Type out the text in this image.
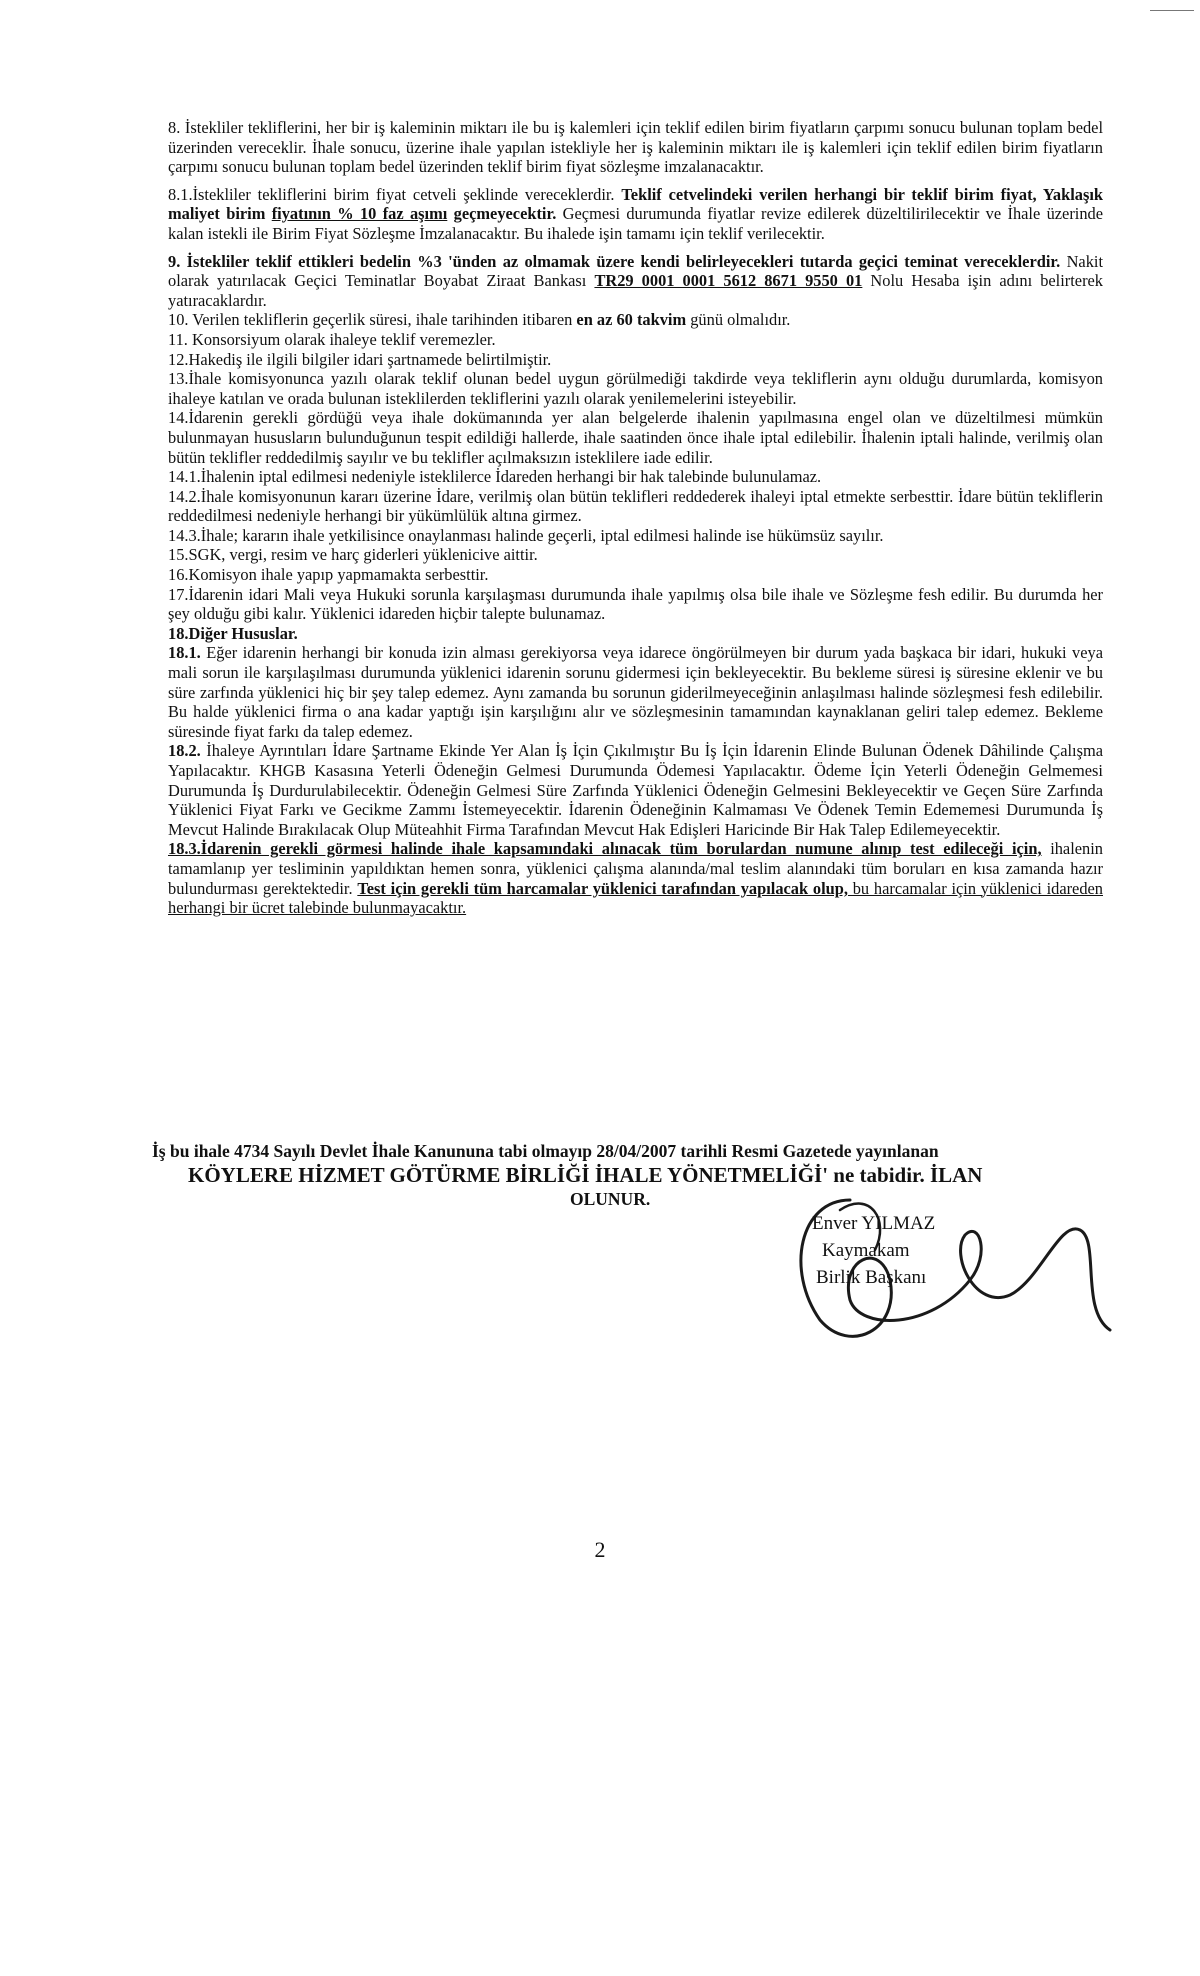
8. İstekliler tekliflerini, her bir iş kaleminin miktarı ile bu iş kalemleri için teklif edilen birim fiyatların çarpımı sonucu bulunan toplam bedel üzerinden vereceklir. İhale sonucu, üzerine ihale yapılan istekliyle her iş kaleminin miktarı ile iş kalemleri için teklif edilen birim fiyatların çarpımı sonucu bulunan toplam bedel üzerinden teklif birim fiyat sözleşme imzalanacaktır.

8.1.İstekliler tekliflerini birim fiyat cetveli şeklinde vereceklerdir. Teklif cetvelindeki verilen herhangi bir teklif birim fiyat, Yaklaşık maliyet birim fiyatının % 10 faz aşımı geçmeyecektir. Geçmesi durumunda fiyatlar revize edilerek düzeltilirilecektir ve İhale üzerinde kalan istekli ile Birim Fiyat Sözleşme İmzalanacaktır. Bu ihalede işin tamamı için teklif verilecektir.

9. İstekliler teklif ettikleri bedelin %3 'ünden az olmamak üzere kendi belirleyecekleri tutarda geçici teminat vereceklerdir. Nakit olarak yatırılacak Geçici Teminatlar Boyabat Ziraat Bankası TR29 0001 0001 5612 8671 9550 01 Nolu Hesaba işin adını belirterek yatıracaklardır.

10. Verilen tekliflerin geçerlik süresi, ihale tarihinden itibaren en az 60 takvim günü olmalıdır.

11. Konsorsiyum olarak ihaleye teklif veremezler.

12.Hakediş ile ilgili bilgiler idari şartnamede belirtilmiştir.

13.İhale komisyonunca yazılı olarak teklif olunan bedel uygun görülmediği takdirde veya tekliflerin aynı olduğu durumlarda, komisyon ihaleye katılan ve orada bulunan isteklilerden tekliflerini yazılı olarak yenilemelerini isteyebilir.

14.İdarenin gerekli gördüğü veya ihale dokümanında yer alan belgelerde ihalenin yapılmasına engel olan ve düzeltilmesi mümkün bulunmayan hususların bulunduğunun tespit edildiği hallerde, ihale saatinden önce ihale iptal edilebilir. İhalenin iptali halinde, verilmiş olan bütün teklifler reddedilmiş sayılır ve bu teklifler açılmaksızın isteklilere iade edilir.

14.1.İhalenin iptal edilmesi nedeniyle isteklilerce İdareden herhangi bir hak talebinde bulunulamaz.

14.2.İhale komisyonunun kararı üzerine İdare, verilmiş olan bütün teklifleri reddederek ihaleyi iptal etmekte serbesttir. İdare bütün tekliflerin reddedilmesi nedeniyle herhangi bir yükümlülük altına girmez.

14.3.İhale; kararın ihale yetkilisince onaylanması halinde geçerli, iptal edilmesi halinde ise hükümsüz sayılır.

15.SGK, vergi, resim ve harç giderleri yüklenicive aittir.

16.Komisyon ihale yapıp yapmamakta serbesttir.

17.İdarenin idari Mali veya Hukuki sorunla karşılaşması durumunda ihale yapılmış olsa bile ihale ve Sözleşme fesh edilir. Bu durumda her şey olduğu gibi kalır. Yüklenici idareden hiçbir talepte bulunamaz.

18.Diğer Hususlar.

18.1. Eğer idarenin herhangi bir konuda izin alması gerekiyorsa veya idarece öngörülmeyen bir durum yada başkaca bir idari, hukuki veya mali sorun ile karşılaşılması durumunda yüklenici idarenin sorunu gidermesi için bekleyecektir. Bu bekleme süresi iş süresine eklenir ve bu süre zarfında yüklenici hiç bir şey talep edemez. Aynı zamanda bu sorunun giderilmeyeceğinin anlaşılması halinde sözleşmesi fesh edilebilir. Bu halde yüklenici firma o ana kadar yaptığı işin karşılığını alır ve sözleşmesinin tamamından kaynaklanan geliri talep edemez. Bekleme süresinde fiyat farkı da talep edemez.

18.2. İhaleye Ayrıntıları İdare Şartname Ekinde Yer Alan İş İçin Çıkılmıştır Bu İş İçin İdarenin Elinde Bulunan Ödenek Dâhilinde Çalışma Yapılacaktır. KHGB Kasasına Yeterli Ödeneğin Gelmesi Durumunda Ödemesi Yapılacaktır. Ödeme İçin Yeterli Ödeneğin Gelmemesi Durumunda İş Durdurulabilecektir. Ödeneğin Gelmesi Süre Zarfında Yüklenici Ödeneğin Gelmesini Bekleyecektir ve Geçen Süre Zarfında Yüklenici Fiyat Farkı ve Gecikme Zammı İstemeyecektir. İdarenin Ödeneğinin Kalmaması Ve Ödenek Temin Edememesi Durumunda İş Mevcut Halinde Bırakılacak Olup Müteahhit Firma Tarafından Mevcut Hak Edişleri Haricinde Bir Hak Talep Edilemeyecektir.

18.3.İdarenin gerekli görmesi halinde ihale kapsamındaki alınacak tüm borulardan numune alınıp test edileceği için, ihalenin tamamlanıp yer tesliminin yapıldıktan hemen sonra, yüklenici çalışma alanında/mal teslim alanındaki tüm boruları en kısa zamanda hazır bulundurması gerektektedir. Test için gerekli tüm harcamalar yüklenici tarafından yapılacak olup, bu harcamalar için yüklenici idareden herhangi bir ücret talebinde bulunmayacaktır.

İş bu ihale 4734 Sayılı Devlet İhale Kanununa tabi olmayıp 28/04/2007 tarihli Resmi Gazetede yayınlanan
KÖYLERE HİZMET GÖTÜRME BİRLİĞİ İHALE YÖNETMELİĞİ' ne tabidir. İLAN
OLUNUR.
Enver YILMAZ
Kaymakam
Birlik Başkanı
2
